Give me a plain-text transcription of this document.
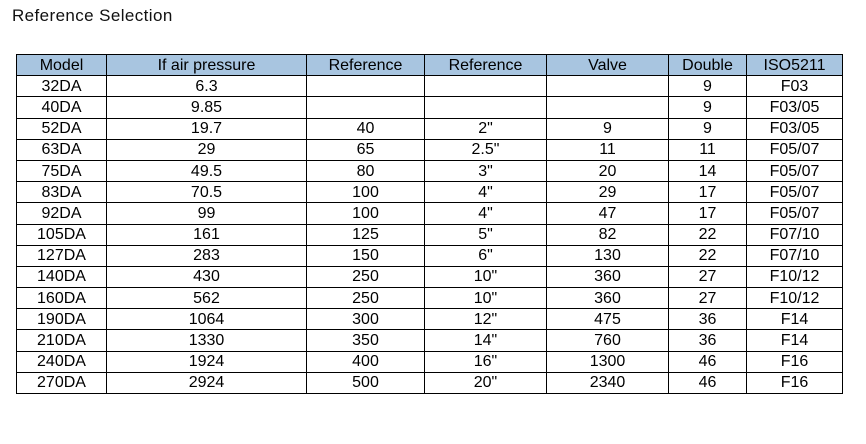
Reference Selection
Model	If air pressure	Reference	Reference	Valve	Double	ISO5211
32DA	6.3				9	F03
40DA	9.85				9	F03/05
52DA	19.7	40	2"	9	9	F03/05
63DA	29	65	2.5"	11	11	F05/07
75DA	49.5	80	3"	20	14	F05/07
83DA	70.5	100	4"	29	17	F05/07
92DA	99	100	4"	47	17	F05/07
105DA	161	125	5"	82	22	F07/10
127DA	283	150	6"	130	22	F07/10
140DA	430	250	10"	360	27	F10/12
160DA	562	250	10"	360	27	F10/12
190DA	1064	300	12"	475	36	F14
210DA	1330	350	14"	760	36	F14
240DA	1924	400	16"	1300	46	F16
270DA	2924	500	20"	2340	46	F16
